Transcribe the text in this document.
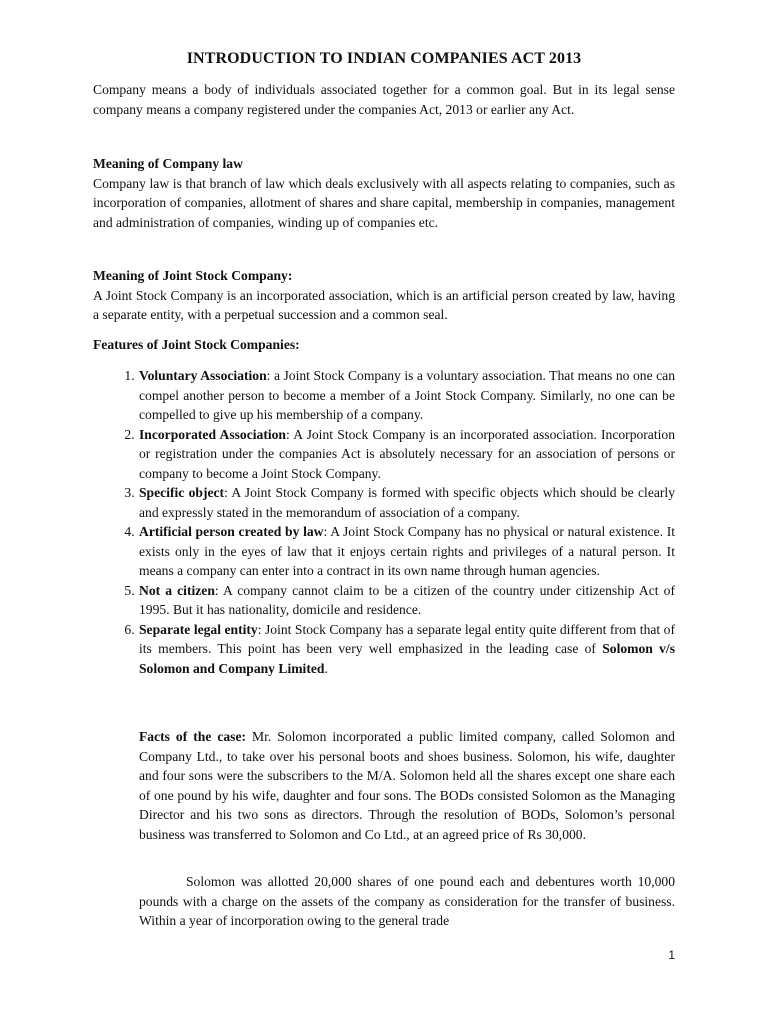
INTRODUCTION TO INDIAN COMPANIES ACT 2013

Company means a body of individuals associated together for a common goal. But in its legal sense company means a company registered under the companies Act, 2013 or earlier any Act.

Meaning of Company law
Company law is that branch of law which deals exclusively with all aspects relating to companies, such as incorporation of companies, allotment of shares and share capital, membership in companies, management and administration of companies, winding up of companies etc.

Meaning of Joint Stock Company:
A Joint Stock Company is an incorporated association, which is an artificial person created by law, having a separate entity, with a perpetual succession and a common seal.

Features of Joint Stock Companies:

1. Voluntary Association: a Joint Stock Company is a voluntary association. That means no one can compel another person to become a member of a Joint Stock Company. Similarly, no one can be compelled to give up his membership of a company.
2. Incorporated Association: A Joint Stock Company is an incorporated association. Incorporation or registration under the companies Act is absolutely necessary for an association of persons or company to become a Joint Stock Company.
3. Specific object: A Joint Stock Company is formed with specific objects which should be clearly and expressly stated in the memorandum of association of a company.
4. Artificial person created by law: A Joint Stock Company has no physical or natural existence. It exists only in the eyes of law that it enjoys certain rights and privileges of a natural person. It means a company can enter into a contract in its own name through human agencies.
5. Not a citizen: A company cannot claim to be a citizen of the country under citizenship Act of 1995. But it has nationality, domicile and residence.
6. Separate legal entity: Joint Stock Company has a separate legal entity quite different from that of its members. This point has been very well emphasized in the leading case of Solomon v/s Solomon and Company Limited.

Facts of the case: Mr. Solomon incorporated a public limited company, called Solomon and Company Ltd., to take over his personal boots and shoes business. Solomon, his wife, daughter and four sons were the subscribers to the M/A. Solomon held all the shares except one share each of one pound by his wife, daughter and four sons. The BODs consisted Solomon as the Managing Director and his two sons as directors. Through the resolution of BODs, Solomon’s personal business was transferred to Solomon and Co Ltd., at an agreed price of Rs 30,000.

Solomon was allotted 20,000 shares of one pound each and debentures worth 10,000 pounds with a charge on the assets of the company as consideration for the transfer of business. Within a year of incorporation owing to the general trade

1
